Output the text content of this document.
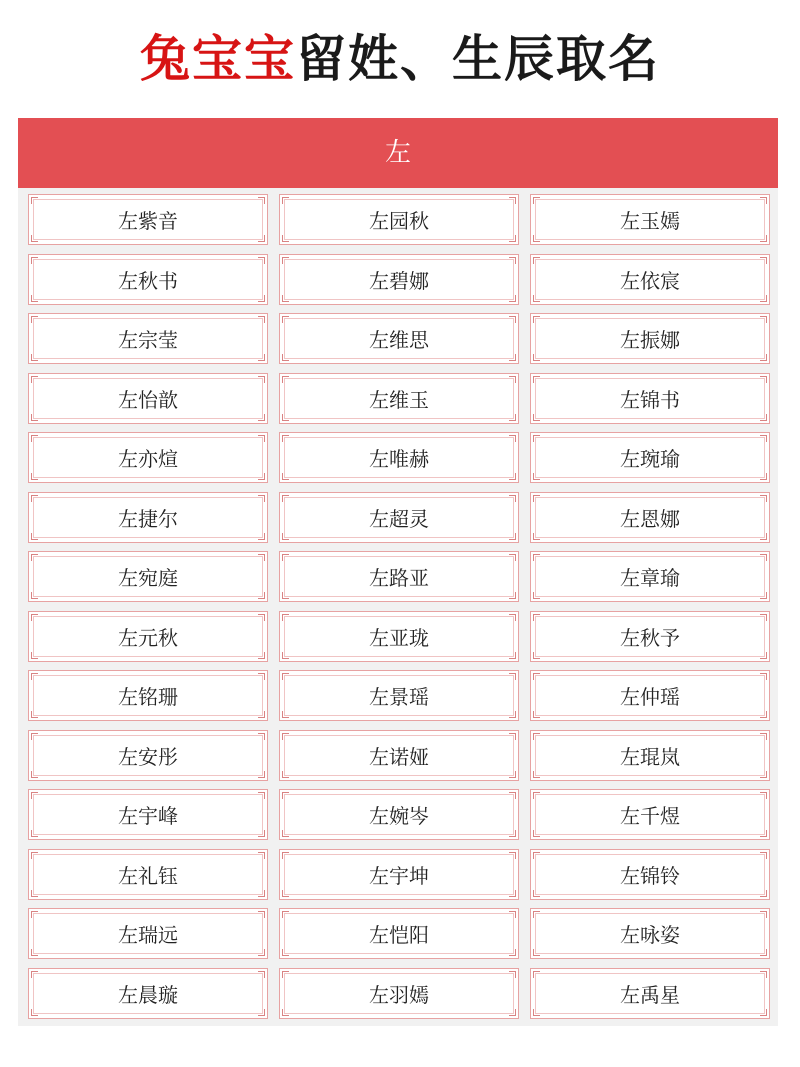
兔宝宝留姓、生辰取名
左
左紫音	左园秋	左玉嫣
左秋书	左碧娜	左依宸
左宗莹	左维思	左振娜
左怡歆	左维玉	左锦书
左亦煊	左唯赫	左琬瑜
左捷尔	左超灵	左恩娜
左宛庭	左路亚	左章瑜
左元秋	左亚珑	左秋予
左铭珊	左景瑶	左仲瑶
左安彤	左诺娅	左琨岚
左宇峰	左婉岑	左千煜
左礼钰	左宇坤	左锦铃
左瑞远	左恺阳	左咏姿
左晨璇	左羽嫣	左禹星
